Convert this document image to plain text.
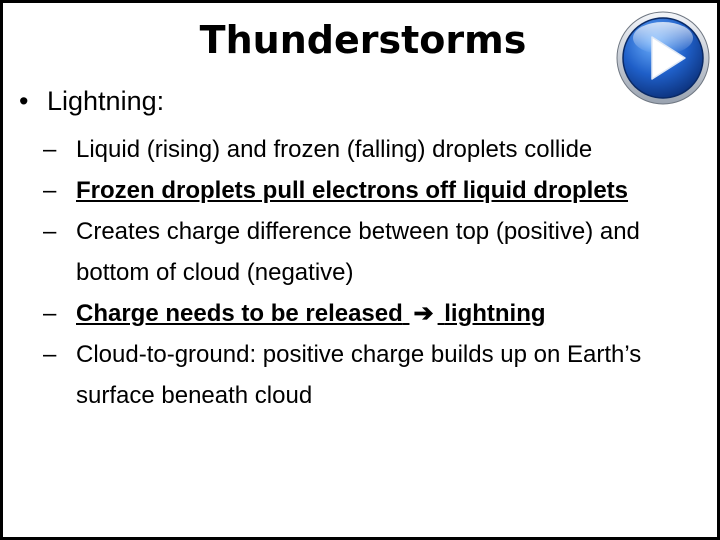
Thunderstorms
• Lightning:
– Liquid (rising) and frozen (falling) droplets collide
– Frozen droplets pull electrons off liquid droplets
– Creates charge difference between top (positive) and bottom of cloud (negative)
– Charge needs to be released ➔ lightning
– Cloud-to-ground: positive charge builds up on Earth’s surface beneath cloud
